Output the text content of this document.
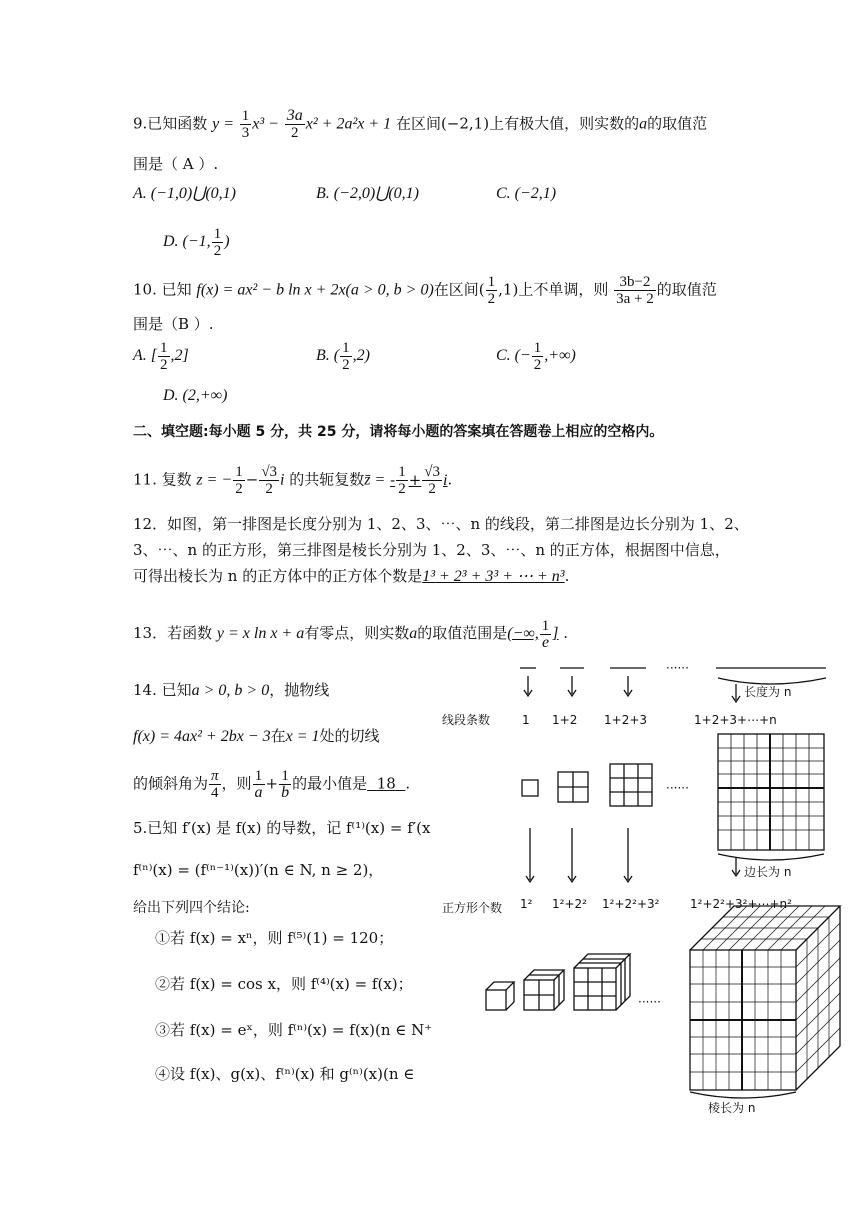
9.已知函数 $y = \frac{1}{3} x^3 - \frac{3a}{2} x^2 + 2a^2x + 1$ 在区间(−2,1)上有极大值，则实数的a的取值范
围是（ A ）.
A. (−1,0)⋃(0,1)	B. (−2,0)⋃(0,1)	C. (−2,1)
D. (−1, $\frac{1}{2}$ )
10. 已知 f(x) = ax² − b ln x + 2x(a > 0, b > 0)在区间( $\frac{1}{2} ,1$)上不单调，则 $\frac{3b-2}{3a + 2}$ 的取值范
围是（B ）.
A. [ $\frac{1}{2} ,2$]	B. ( $\frac{1}{2} ,2$)	C. (− $\frac{1}{2}$ ,+∞)
D. (2,+∞)
二、填空题:每小题 5 分，共 25 分，请将每小题的答案填在答题卷上相应的空格内。
11. 复数 z = − $\frac{1}{2} - \frac{√3}{2}$ i 的共轭复数z̄ = - $\frac{1}{2} + \frac{√3}{2} i$.
12．如图，第一排图是长度分别为 1、2、3、⋯、n 的线段，第二排图是边长分别为 1、2、
3、⋯、n 的正方形，第三排图是棱长分别为 1、2、3、⋯、n 的正方体，根据图中信息，
可得出棱长为 n 的正方体中的正方体个数是1³ + 2³ + 3³ + ⋯ + n³.
13．若函数 y = x ln x + a有零点，则实数a的取值范围是(−∞, $\frac{1}{e}$ ] .
14. 已知a > 0, b > 0，抛物线
f(x) = 4ax² + 2bx − 3在x = 1处的切线
的倾斜角为 $\frac{\pi}{4}$ ，则 $\frac{1}{a} + \frac{1}{b}$ 的最小值是 18 .
5.已知 f′(x) 是 f(x) 的导数，记 f⁽¹⁾(x) = f′(x
f⁽ⁿ⁾(x) = (f⁽ⁿ⁻¹⁾(x))′(n ∈ N, n ≥ 2)，
给出下列四个结论:
①若 f(x) = xⁿ，则 f⁽⁵⁾(1) = 120；
②若 f(x) = cos x，则 f⁽⁴⁾(x) = f(x)；
③若 f(x) = eˣ，则 f⁽ⁿ⁾(x) = f(x)(n ∈ N⁺
④设 f(x)、g(x)、f⁽ⁿ⁾(x) 和 g⁽ⁿ⁾(x)(n ∈
线段条数	1 1+2 1+2+3	1+2+3+⋯+n
长度为 n
······
······
边长为 n
正方形个数 1² 1²+2² 1²+2²+3²	1²+2²+3²+⋯+n²
······
棱长为 n
